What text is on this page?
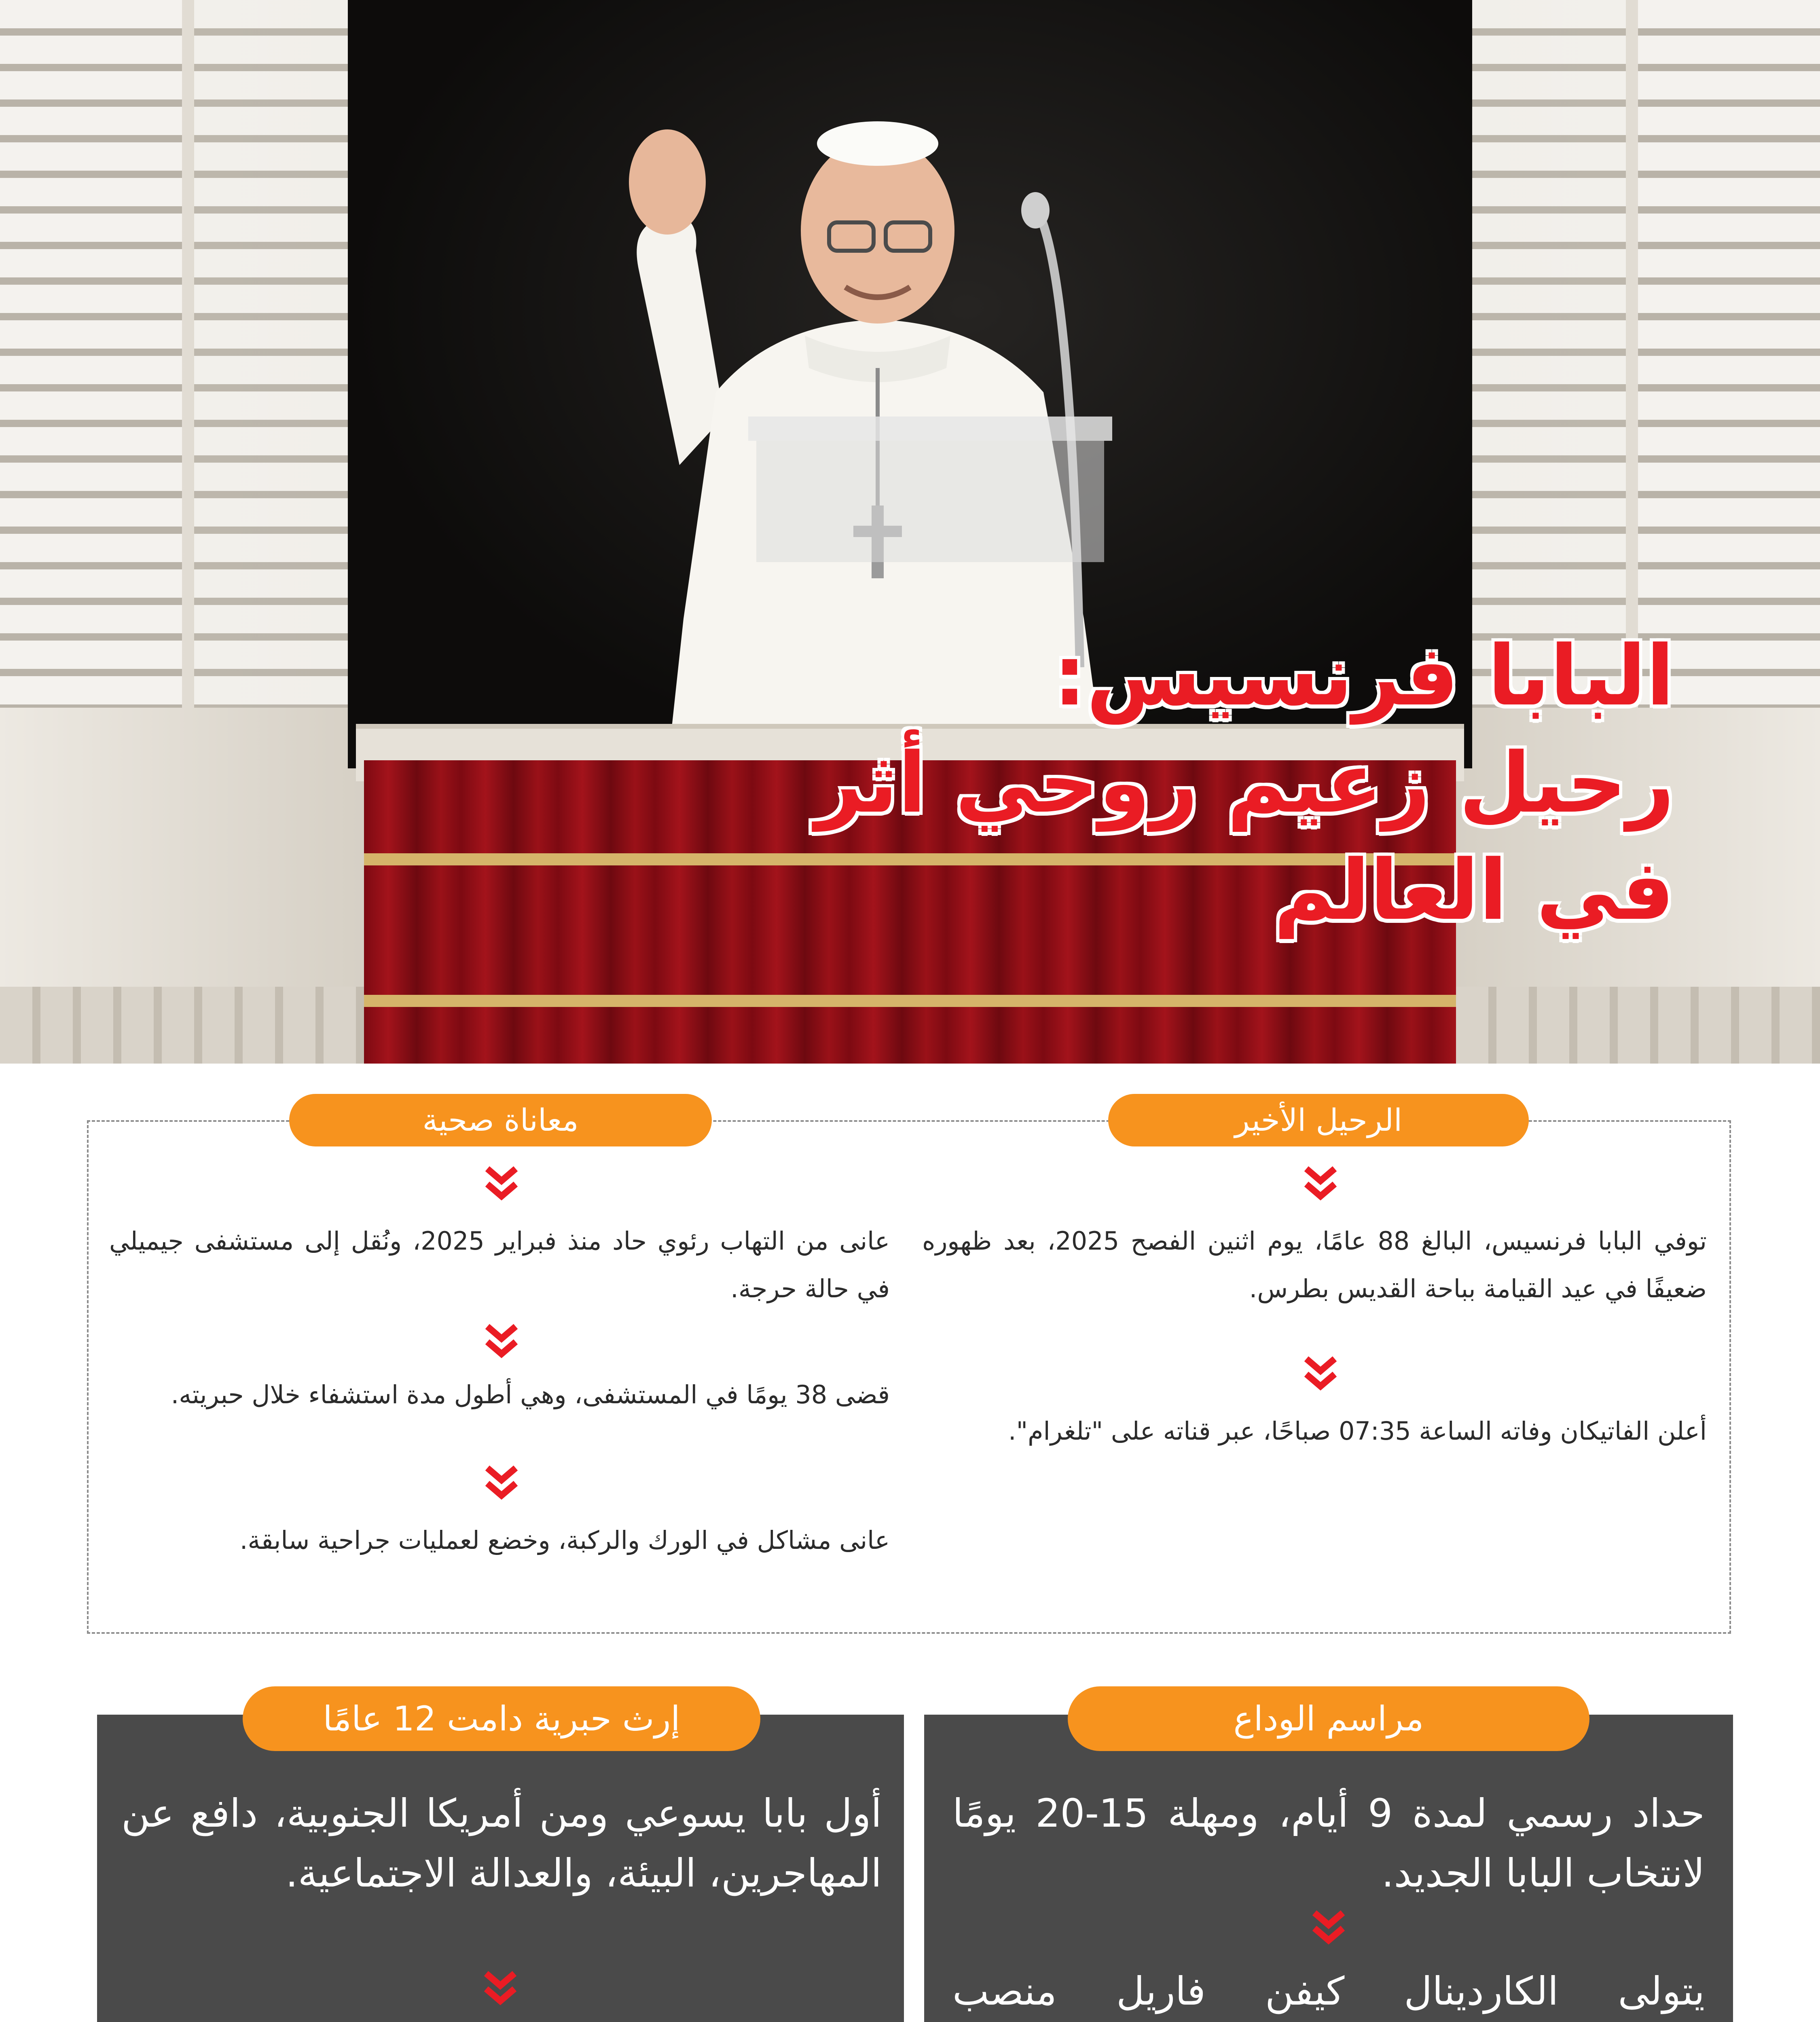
البابا فرنسيس:
رحيل زعيم روحي أثر
في العالم
الرحيل الأخير
معاناة صحية

توفي البابا فرنسيس، البالغ 88 عامًا، يوم اثنين الفصح 2025، بعد ظهوره ضعيفًا في عيد القيامة بباحة القديس بطرس.

أعلن الفاتيكان وفاته الساعة 07:35 صباحًا، عبر قناته على "تلغرام".

عانى من التهاب رئوي حاد منذ فبراير 2025، ونُقل إلى مستشفى جيميلي في حالة حرجة.

قضى 38 يومًا في المستشفى، وهي أطول مدة استشفاء خلال حبريته.

عانى مشاكل في الورك والركبة، وخضع لعمليات جراحية سابقة.

حداد رسمي لمدة 9 أيام، ومهلة 15-20 يومًا لانتخاب البابا الجديد.

يتولى الكاردينال كيفن فاريل منصب

مراسم الوداع

أول بابا يسوعي ومن أمريكا الجنوبية، دافع عن المهاجرين، البيئة، والعدالة الاجتماعية.

إرث حبرية دامت 12 عامًا
